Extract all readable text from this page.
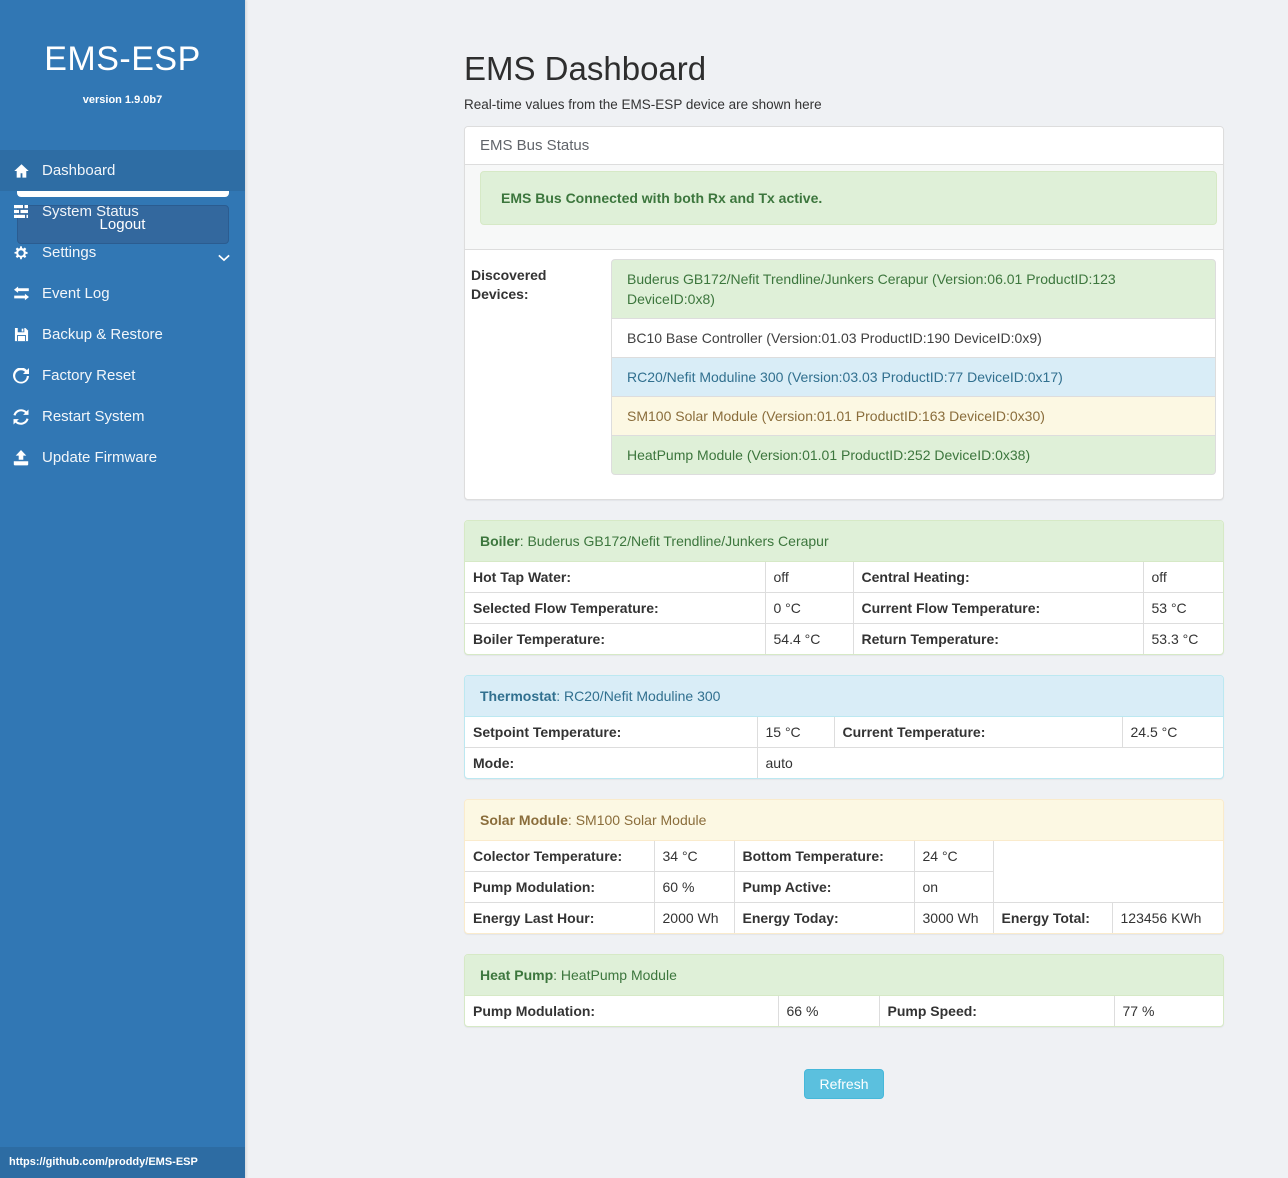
EMS-ESP
version 1.9.0b7
Dashboard
System Status
Settings
Event Log
Backup & Restore
Factory Reset
Restart System
Update Firmware
Logout
https://github.com/proddy/EMS-ESP
EMS Dashboard
Real-time values from the EMS-ESP device are shown here
EMS Bus Status
EMS Bus Connected with both Rx and Tx active.
Discovered Devices:
Buderus GB172/Nefit Trendline/Junkers Cerapur (Version:06.01 ProductID:123 DeviceID:0x8)
BC10 Base Controller (Version:01.03 ProductID:190 DeviceID:0x9)
RC20/Nefit Moduline 300 (Version:03.03 ProductID:77 DeviceID:0x17)
SM100 Solar Module (Version:01.01 ProductID:163 DeviceID:0x30)
HeatPump Module (Version:01.01 ProductID:252 DeviceID:0x38)
Boiler: Buderus GB172/Nefit Trendline/Junkers Cerapur
Hot Tap Water:	off	Central Heating:	off
Selected Flow Temperature:	0 °C	Current Flow Temperature:	53 °C
Boiler Temperature:	54.4 °C	Return Temperature:	53.3 °C
Thermostat: RC20/Nefit Moduline 300
Setpoint Temperature:	15 °C	Current Temperature:	24.5 °C
Mode:	auto		
Solar Module: SM100 Solar Module
Colector Temperature:	34 °C	Bottom Temperature:	24 °C		
Pump Modulation:	60 %	Pump Active:	on		
Energy Last Hour:	2000 Wh	Energy Today:	3000 Wh	Energy Total:	123456 KWh
Heat Pump: HeatPump Module
Pump Modulation:	66 %	Pump Speed:	77 %
Refresh
